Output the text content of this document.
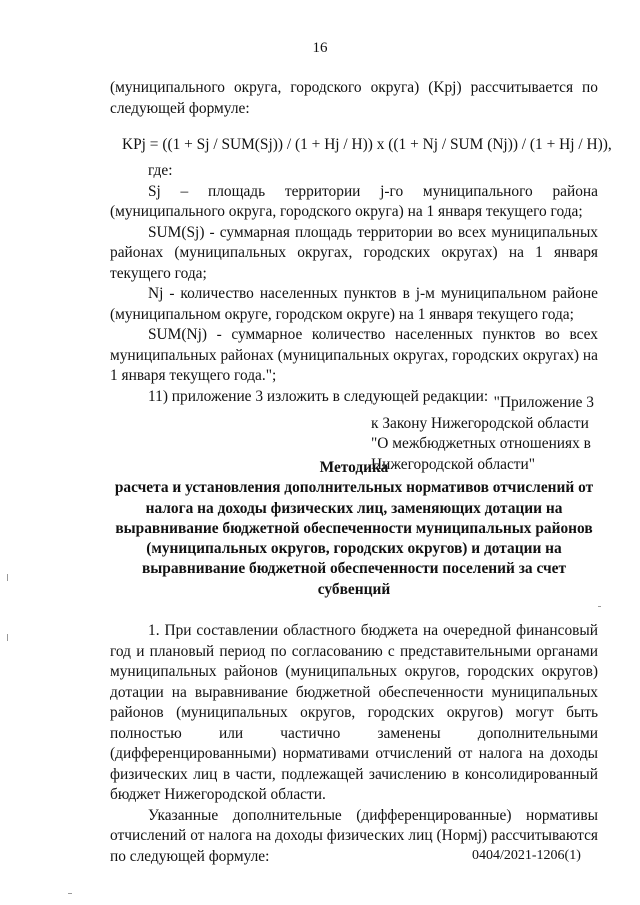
16

(муниципального округа, городского округа) (Kpj) рассчитывается по следующей формуле:

KPj = ((1 + Sj / SUM(Sj)) / (1 + Hj / H)) x ((1 + Nj / SUM (Nj)) / (1 + Hj / H)),

где:

Sj – площадь территории j-го муниципального района (муниципального округа, городского округа) на 1 января текущего года;

SUM(Sj) - суммарная площадь территории во всех муниципальных районах (муниципальных округах, городских округах) на 1 января текущего года;

Nj - количество населенных пунктов в j-м муниципальном районе (муниципальном округе, городском округе) на 1 января текущего года;

SUM(Nj) - суммарное количество населенных пунктов во всех муниципальных районах (муниципальных округах, городских округах) на 1 января текущего года.";

11) приложение 3 изложить в следующей редакции: "Приложение 3
к Закону Нижегородской области
"О межбюджетных отношениях в
Нижегородской области"
Методика
расчета и установления дополнительных нормативов отчислений от
налога на доходы физических лиц, заменяющих дотации на
выравнивание бюджетной обеспеченности муниципальных районов
(муниципальных округов, городских округов) и дотации на
выравнивание бюджетной обеспеченности поселений за счет
субвенций

1. При составлении областного бюджета на очередной финансовый год и плановый период по согласованию с представительными органами муниципальных районов (муниципальных округов, городских округов) дотации на выравнивание бюджетной обеспеченности муниципальных районов (муниципальных округов, городских округов) могут быть полностью или частично заменены дополнительными (дифференцированными) нормативами отчислений от налога на доходы физических лиц в части, подлежащей зачислению в консолидированный бюджет Нижегородской области.

Указанные дополнительные (дифференцированные) нормативы отчислений от налога на доходы физических лиц (Нормj) рассчитываются по следующей формуле:	0404/2021-1206(1)
